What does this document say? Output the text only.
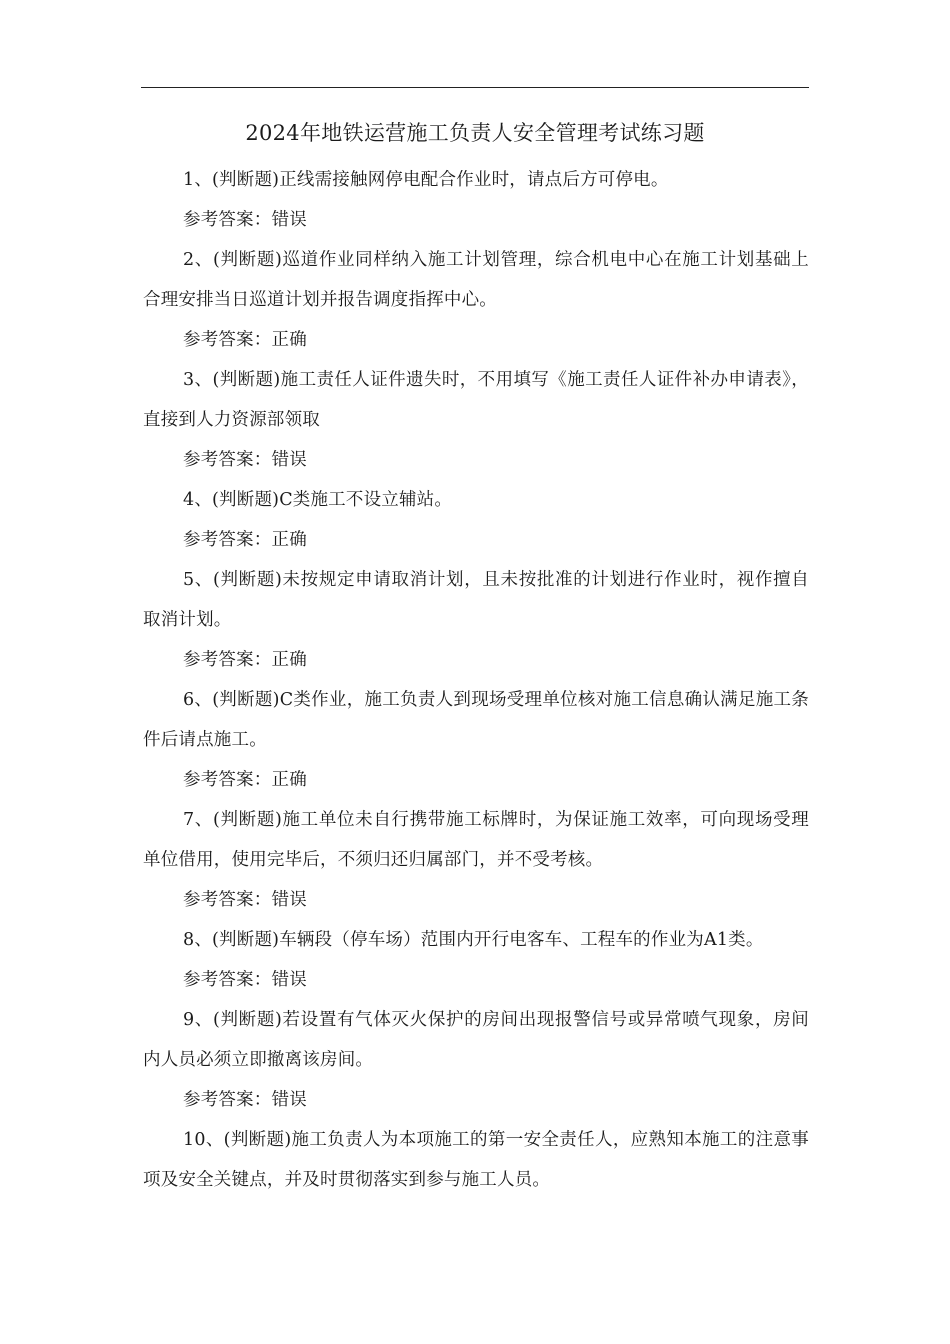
2024年地铁运营施工负责人安全管理考试练习题

1、(判断题)正线需接触网停电配合作业时，请点后方可停电。

参考答案：错误

2、(判断题)巡道作业同样纳入施工计划管理，综合机电中心在施工计划基础上合理安排当日巡道计划并报告调度指挥中心。

参考答案：正确

3、(判断题)施工责任人证件遗失时，不用填写《施工责任人证件补办申请表》，直接到人力资源部领取

参考答案：错误

4、(判断题)C类施工不设立辅站。

参考答案：正确

5、(判断题)未按规定申请取消计划，且未按批准的计划进行作业时，视作擅自取消计划。

参考答案：正确

6、(判断题)C类作业，施工负责人到现场受理单位核对施工信息确认满足施工条件后请点施工。

参考答案：正确

7、(判断题)施工单位未自行携带施工标牌时，为保证施工效率，可向现场受理单位借用，使用完毕后，不须归还归属部门，并不受考核。

参考答案：错误

8、(判断题)车辆段（停车场）范围内开行电客车、工程车的作业为A1类。

参考答案：错误

9、(判断题)若设置有气体灭火保护的房间出现报警信号或异常喷气现象，房间内人员必须立即撤离该房间。

参考答案：错误

10、(判断题)施工负责人为本项施工的第一安全责任人，应熟知本施工的注意事项及安全关键点，并及时贯彻落实到参与施工人员。
